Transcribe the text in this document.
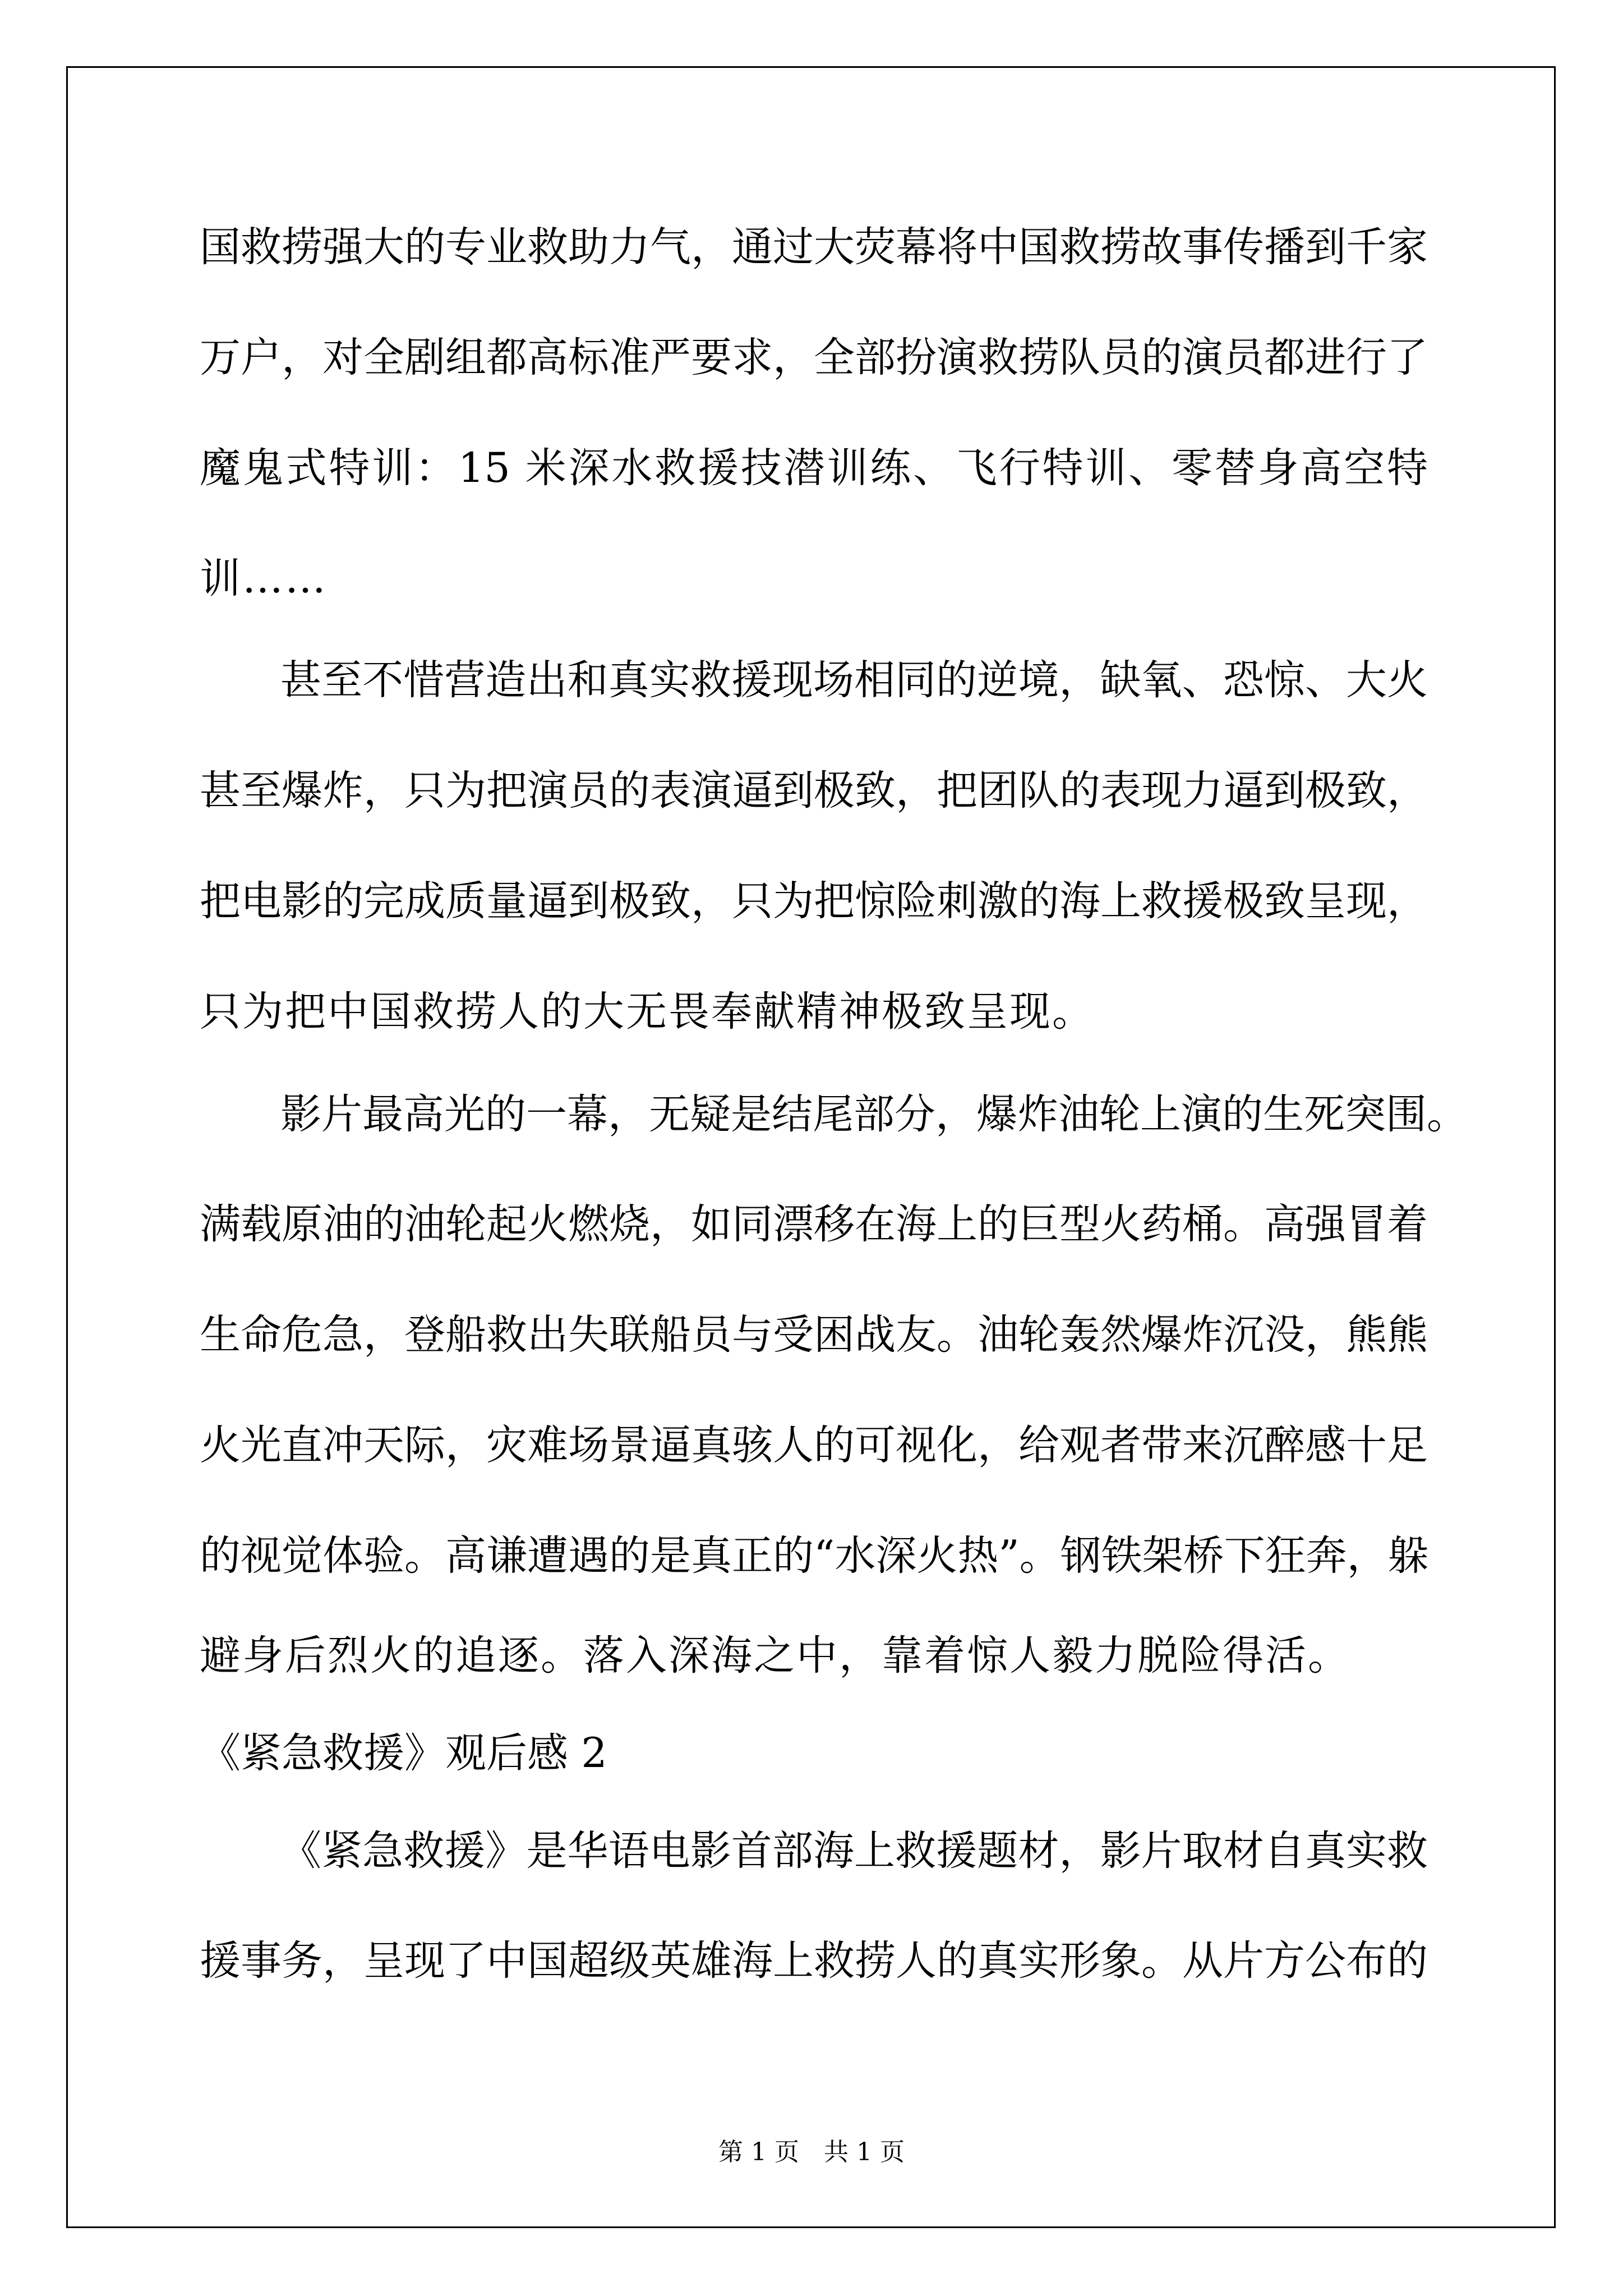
国救捞强大的专业救助力气，通过大荧幕将中国救捞故事传播到千家
万户，对全剧组都高标准严要求，全部扮演救捞队员的演员都进行了
魔鬼式特训：15 米深水救援技潜训练、飞行特训、零替身高空特
训……
甚至不惜营造出和真实救援现场相同的逆境，缺氧、恐惊、大火
甚至爆炸，只为把演员的表演逼到极致，把团队的表现力逼到极致，
把电影的完成质量逼到极致，只为把惊险刺激的海上救援极致呈现，
只为把中国救捞人的大无畏奉献精神极致呈现。
影片最高光的一幕，无疑是结尾部分，爆炸油轮上演的生死突围。
满载原油的油轮起火燃烧，如同漂移在海上的巨型火药桶。高强冒着
生命危急，登船救出失联船员与受困战友。油轮轰然爆炸沉没，熊熊
火光直冲天际，灾难场景逼真骇人的可视化，给观者带来沉醉感十足
的视觉体验。高谦遭遇的是真正的“水深火热”。钢铁架桥下狂奔，躲
避身后烈火的追逐。落入深海之中，靠着惊人毅力脱险得活。
《紧急救援》观后感 2
《紧急救援》是华语电影首部海上救援题材，影片取材自真实救
援事务，呈现了中国超级英雄海上救捞人的真实形象。从片方公布的
第 1 页　共 1 页
